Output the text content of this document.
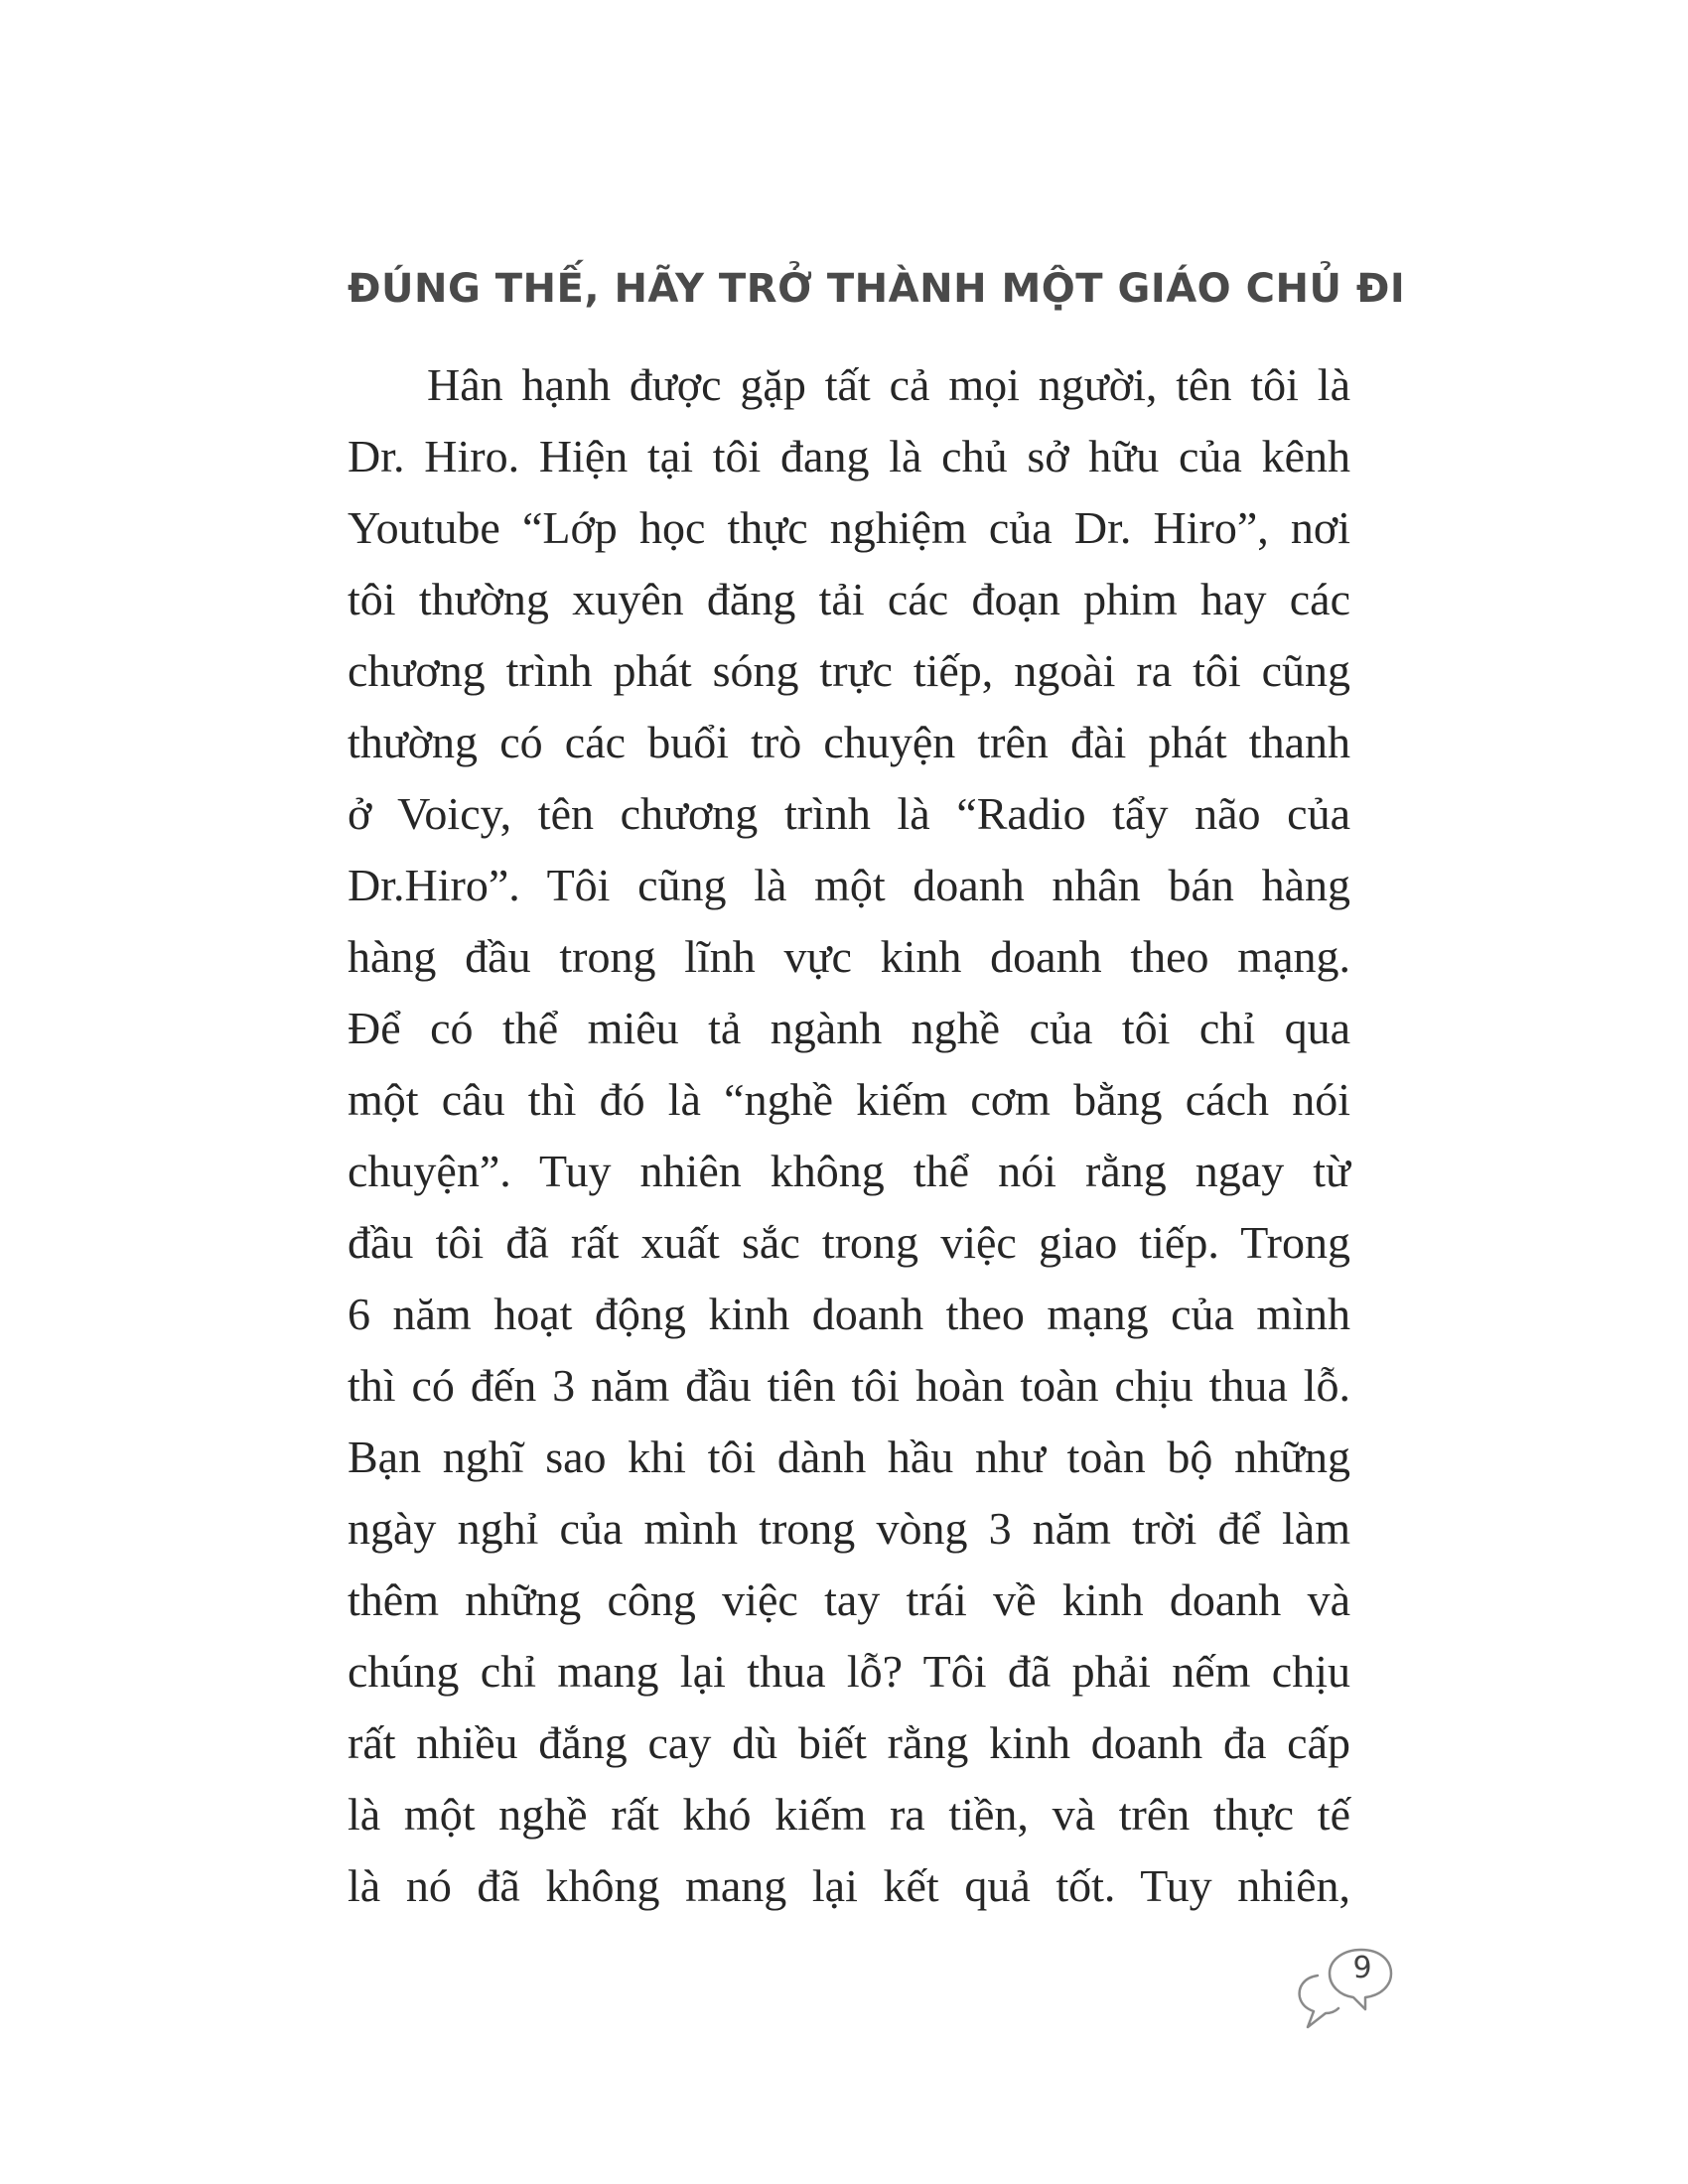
ĐÚNG THẾ, HÃY TRỞ THÀNH MỘT GIÁO CHỦ ĐI
Hân hạnh được gặp tất cả mọi người, tên tôi là
Dr. Hiro. Hiện tại tôi đang là chủ sở hữu của kênh
Youtube “Lớp học thực nghiệm của Dr. Hiro”, nơi
tôi thường xuyên đăng tải các đoạn phim hay các
chương trình phát sóng trực tiếp, ngoài ra tôi cũng
thường có các buổi trò chuyện trên đài phát thanh
ở Voicy, tên chương trình là “Radio tẩy não của
Dr.Hiro”. Tôi cũng là một doanh nhân bán hàng
hàng đầu trong lĩnh vực kinh doanh theo mạng.
Để có thể miêu tả ngành nghề của tôi chỉ qua
một câu thì đó là “nghề kiếm cơm bằng cách nói
chuyện”. Tuy nhiên không thể nói rằng ngay từ
đầu tôi đã rất xuất sắc trong việc giao tiếp. Trong
6 năm hoạt động kinh doanh theo mạng của mình
thì có đến 3 năm đầu tiên tôi hoàn toàn chịu thua lỗ.
Bạn nghĩ sao khi tôi dành hầu như toàn bộ những
ngày nghỉ của mình trong vòng 3 năm trời để làm
thêm những công việc tay trái về kinh doanh và
chúng chỉ mang lại thua lỗ? Tôi đã phải nếm chịu
rất nhiều đắng cay dù biết rằng kinh doanh đa cấp
là một nghề rất khó kiếm ra tiền, và trên thực tế
là nó đã không mang lại kết quả tốt. Tuy nhiên,
9
